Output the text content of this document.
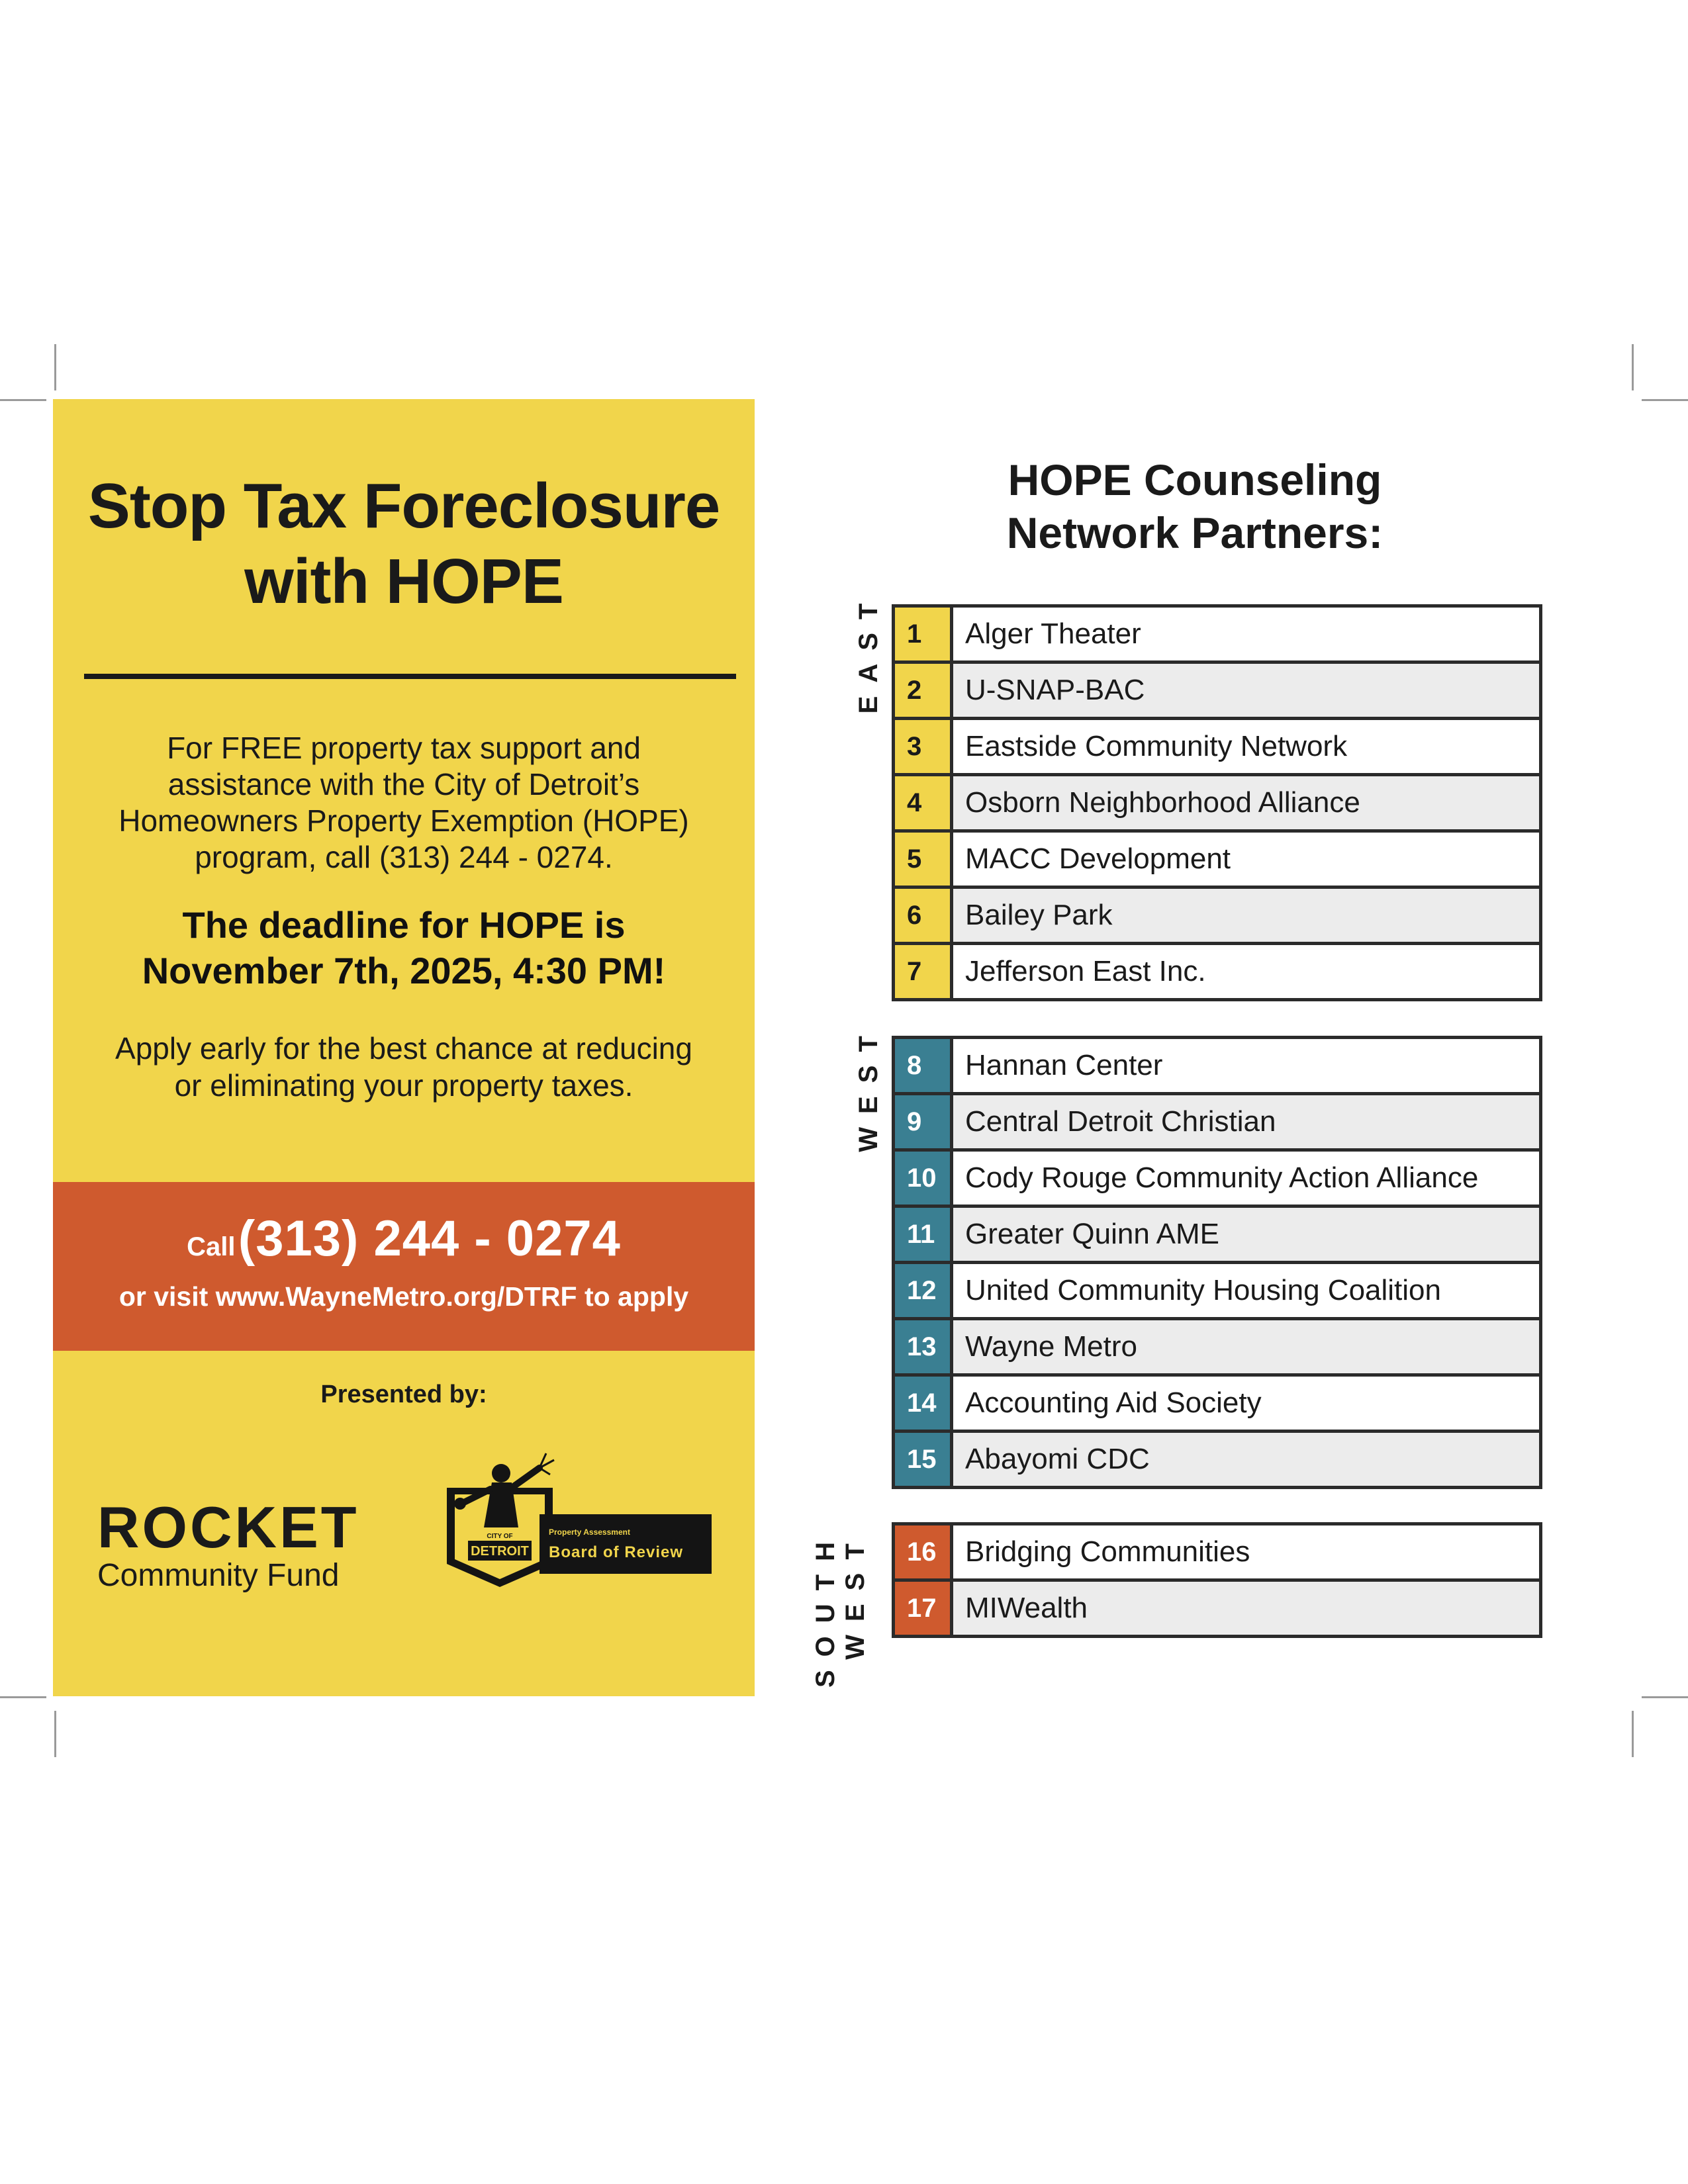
Stop Tax Foreclosure
with HOPE
For FREE property tax support and
assistance with the City of Detroit’s
Homeowners Property Exemption (HOPE)
program, call (313) 244 - 0274.
The deadline for HOPE is
November 7th, 2025, 4:30 PM!
Apply early for the best chance at reducing
or eliminating your property taxes.
Call (313) 244 - 0274
or visit www.WayneMetro.org/DTRF to apply
Presented by:
ROCKET
Community Fund
CITY OF
DETROIT
Property Assessment
Board of Review
HOPE Counseling
Network Partners:
EAST
WEST
SOUTH WEST
1	Alger Theater
2	U-SNAP-BAC
3	Eastside Community Network
4	Osborn Neighborhood Alliance
5	MACC Development
6	Bailey Park
7	Jefferson East Inc.
8	Hannan Center
9	Central Detroit Christian
10 Cody Rouge Community Action Alliance
11	Greater Quinn AME
12 United Community Housing Coalition
13 Wayne Metro
14 Accounting Aid Society
15 Abayomi CDC
16 Bridging Communities
17 MIWealth
